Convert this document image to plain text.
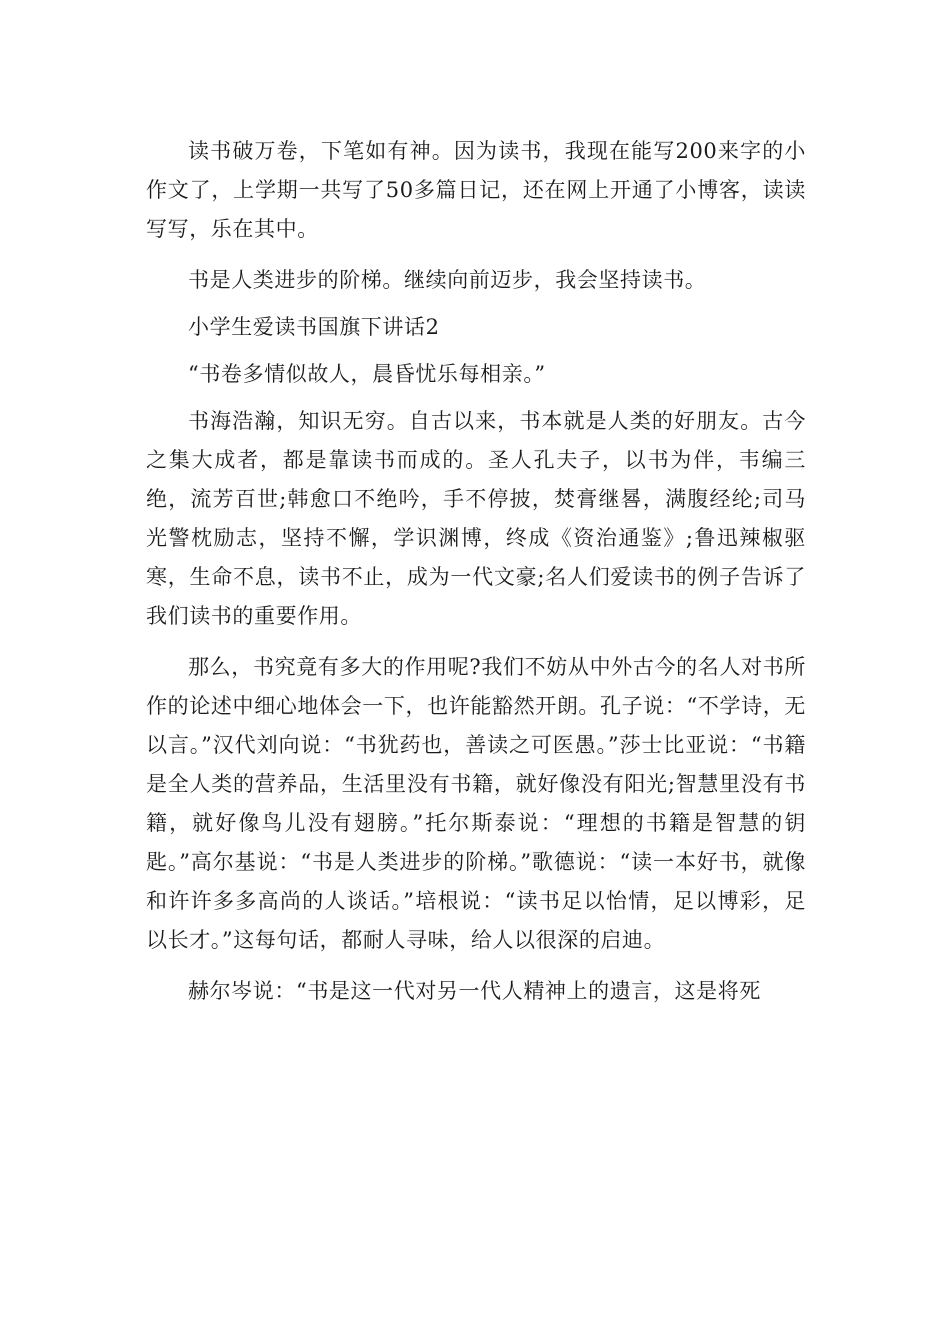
读书破万卷，下笔如有神。因为读书，我现在能写200来字的小作文了，上学期一共写了50多篇日记，还在网上开通了小博客，读读写写，乐在其中。

书是人类进步的阶梯。继续向前迈步，我会坚持读书。

小学生爱读书国旗下讲话2

“书卷多情似故人，晨昏忧乐每相亲。”

书海浩瀚，知识无穷。自古以来，书本就是人类的好朋友。古今之集大成者，都是靠读书而成的。圣人孔夫子，以书为伴，韦编三绝，流芳百世;韩愈口不绝吟，手不停披，焚膏继晷，满腹经纶;司马光警枕励志，坚持不懈，学识渊博，终成《资治通鉴》;鲁迅辣椒驱寒，生命不息，读书不止，成为一代文豪;名人们爱读书的例子告诉了我们读书的重要作用。

那么，书究竟有多大的作用呢?我们不妨从中外古今的名人对书所作的论述中细心地体会一下，也许能豁然开朗。孔子说：“不学诗，无以言。”汉代刘向说：“书犹药也，善读之可医愚。”莎士比亚说：“书籍是全人类的营养品，生活里没有书籍，就好像没有阳光;智慧里没有书籍，就好像鸟儿没有翅膀。”托尔斯泰说：“理想的书籍是智慧的钥匙。”高尔基说：“书是人类进步的阶梯。”歌德说：“读一本好书，就像和许许多多高尚的人谈话。”培根说：“读书足以怡情，足以博彩，足以长才。”这每句话，都耐人寻味，给人以很深的启迪。

赫尔岑说：“书是这一代对另一代人精神上的遗言，这是将死
